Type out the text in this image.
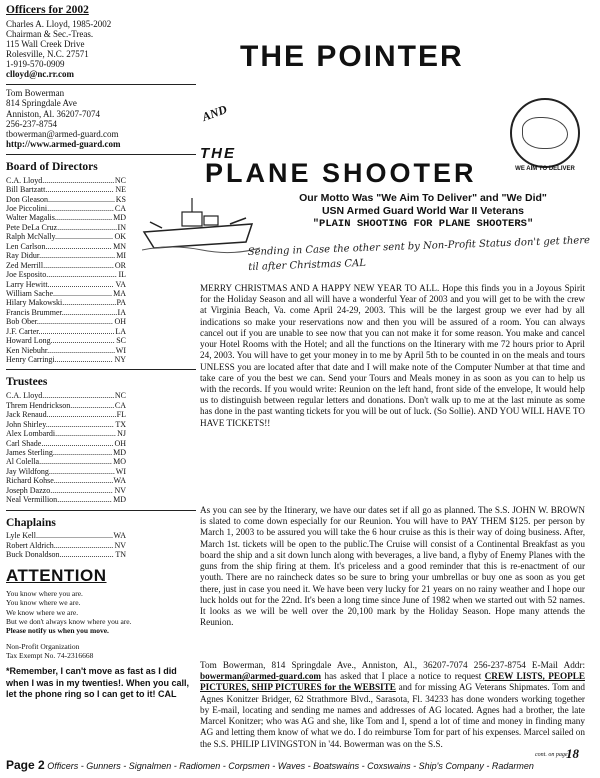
Officers for 2002
Charles A. Lloyd, 1985-2002
Chairman & Sec.-Treas.
115 Wall Creek Drive
Rolesville, N.C. 27571
1-919-570-0909
clloyd@nc.rr.com
Tom Bowerman
814 Springdale Ave
Anniston, Al. 36207-7074
256-237-8754
tbowerman@armed-guard.com
http://www.armed-guard.com
Board of Directors
C.A. Lloyd .....	NC
Bill Bartzatt .....	NE
Don Gleason .....	KS
Joe Piccolini .....	CA
Walter Magalis .....	MD
Pete DeLa Cruz .....	IN
Ralph McNally .....	OK
Len Carlson .....	MN
Ray Didur .....	MI
Zed Merrill .....	OR
Joe Esposito .....	IL
Larry Hewitt .....	VA
William Sache .....	MA
Hilary Makowski .....	PA
Francis Brummer .....	IA
Bob Ober .....	OH
J.F. Carter .....	LA
Howard Long .....	SC
Ken Niebuhr .....	WI
Henry Carringi .....	NY
Trustees
C.A. Lloyd .....	NC
Threm Hendrickson .....	CA
Jack Renaud .....	FL
John Shirley .....	TX
Alex Lombardi .....	NJ
Carl Shade .....	OH
James Sterling .....	MD
Al Colella .....	MO
Jay Wildfong .....	WI
Richard Kohse .....	WA
Joseph Dazzo .....	NV
Neal Vermillion .....	MD
Chaplains
Lyle Kell .....	WA
Robert Aldrich .....	NV
Buck Donaldson .....	TN
ATTENTION
You know where you are.
You know where we are.
We know where we are.
But we don't always know where you are.
Please notify us when you move.
Non-Profit Organization
Tax Exempt No. 74-2316668
*Remember, I can't move as fast as I did when I was in my twenties!. When you call, let the phone ring so I can get to it! CAL
THE POINTER
AND
WE AIM TO DELIVER
THE
PLANE SHOOTER
Our Motto Was "We Aim To Deliver" and "We Did"
USN Armed Guard World War II Veterans
"PLAIN SHOOTING FOR PLANE SHOOTERS"
Sending in Case the other sent by Non-Profit Status don't get there til after Christmas CAL
MERRY CHRISTMAS AND A HAPPY NEW YEAR TO ALL. Hope this finds you in a Joyous Spirit for the Holiday Season and all will have a wonderful Year of 2003 and you will get to be with the crew at Virginia Beach, Va. come April 24-29, 2003. This will be the largest group we ever had by all indications so make your reservations now and then you will be assured of a room. You can always cancel out if you are unable to see now that you can not make it for some reason. You make and cancel your Hotel Rooms with the Hotel; and all the functions on the Itinerary with me 72 hours prior to April 24, 2003. You will have to get your money in to me by April 5th to be counted in on the meals and tours UNLESS you are located after that date and I will make note of the Computer Number at that time and take care of you the best we can. Send your Tours and Meals money in as soon as you can to help us with the records. If you would write: Reunion on the left hand, front side of the envelope, It would help us to distinguish between regular letters and donations. Don't walk up to me at the last minute as some has done in the past wanting tickets for you will be out of luck. (So Sollie). AND YOU WILL HAVE TO HAVE TICKETS!!
As you can see by the Itinerary, we have our dates set if all go as planned. The S.S. JOHN W. BROWN is slated to come down especially for our Reunion. You will have to PAY THEM $125. per person by March 1, 2003 to be assured you will take the 6 hour cruise as this is their way of doing business. After, March 1st. tickets will be open to the public.The Cruise will consist of a Continental Breakfast as you board the ship and a sit down lunch along with beverages, a live band, a flyby of Enemy Planes with the guns from the ship firing at them. It's priceless and a good reminder that this is re-enactment of our youth. There are no raincheck dates so be sure to bring your umbrellas or buy one as soon as you get there, just in case you need it. We have been very lucky for 21 years on no rainy weather and I hope our luck holds out for the 22nd. It's been a long time since June of 1982 when we started out with 52 names. It looks as we will be well over the 20,100 mark by the Holiday Season. Hope many attends the Reunion.
Tom Bowerman, 814 Springdale Ave., Anniston, Al., 36207-7074 256-237-8754 E-Mail Addr: bowerman@armed-guard.com has asked that I place a notice to request CREW LISTS, PEOPLE PICTURES, SHIP PICTURES for the WEBSITE and for missing AG Veterans Shipmates. Tom and Agnes Konitzer Bridger, 62 Strathmore Blvd., Sarasota, Fl. 34233 has done wonders working together by E-mail, locating and sending me names and addresses of AG located. Agnes had a brother, the late Marcel Konitzer; who was AG and she, like Tom and I, spend a lot of time and money in finding many AG and letting them know of what we do. I do reimburse Tom for part of his expenses. Marcel sailed on the S.S. PHILIP LIVINGSTON in '44. Bowerman was on the S.S.
cont. on page
18
Page 2 Officers - Gunners - Signalmen - Radiomen - Corpsmen - Waves - Boatswains - Coxswains - Ship's Company - Radarmen
